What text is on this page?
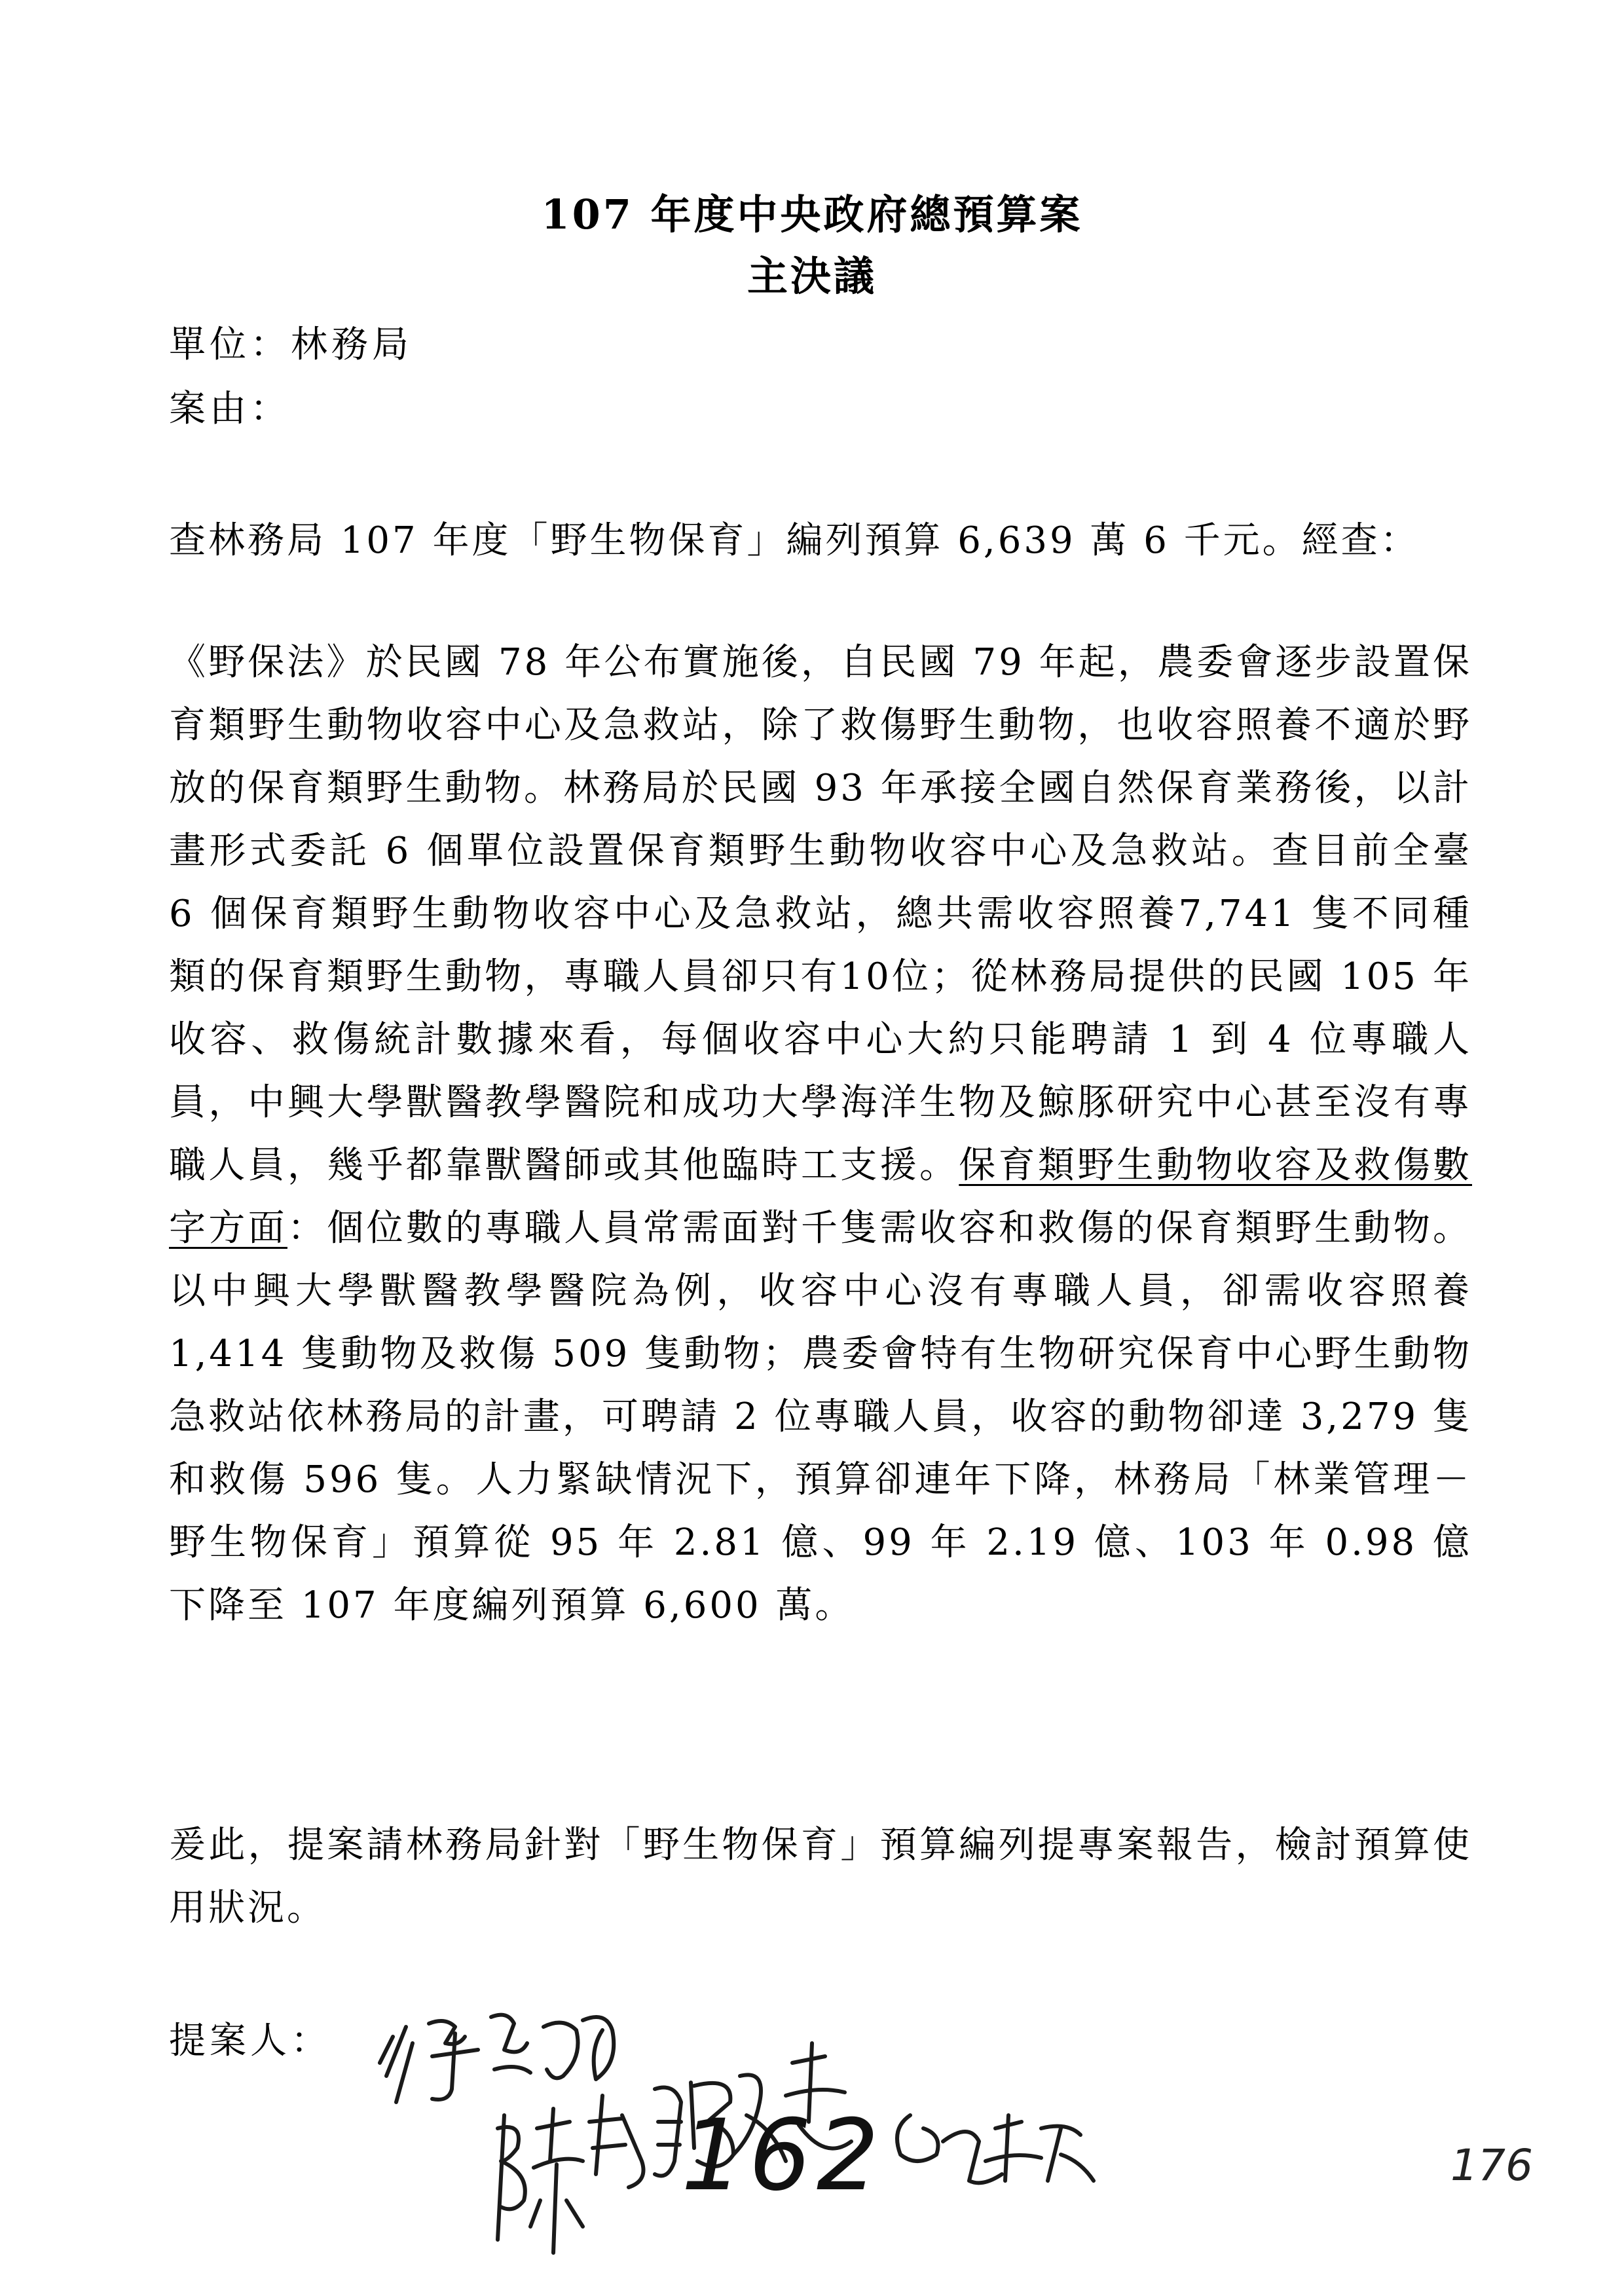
107 年度中央政府總預算案
主決議
單位：林務局
案由：
查林務局 107 年度「野生物保育」編列預算 6,639 萬 6 千元。經查：
《野保法》於民國 78 年公布實施後，自民國 79 年起，農委會逐步設置保育類野生動物收容中心及急救站，除了救傷野生動物，也收容照養不適於野放的保育類野生動物。林務局於民國 93 年承接全國自然保育業務後，以計畫形式委託 6 個單位設置保育類野生動物收容中心及急救站。查目前全臺 6 個保育類野生動物收容中心及急救站，總共需收容照養7,741 隻不同種類的保育類野生動物，專職人員卻只有10位；從林務局提供的民國 105 年收容、救傷統計數據來看，每個收容中心大約只能聘請 1 到 4 位專職人員，中興大學獸醫教學醫院和成功大學海洋生物及鯨豚研究中心甚至沒有專職人員，幾乎都靠獸醫師或其他臨時工支援。保育類野生動物收容及救傷數字方面：個位數的專職人員常需面對千隻需收容和救傷的保育類野生動物。以中興大學獸醫教學醫院為例，收容中心沒有專職人員，卻需收容照養 1,414 隻動物及救傷 509 隻動物；農委會特有生物研究保育中心野生動物急救站依林務局的計畫，可聘請 2 位專職人員，收容的動物卻達 3,279 隻和救傷 596 隻。人力緊缺情況下，預算卻連年下降，林務局「林業管理－野生物保育」預算從 95 年 2.81 億、99 年 2.19 億、103 年 0.98 億下降至 107 年度編列預算 6,600 萬。
爰此，提案請林務局針對「野生物保育」預算編列提專案報告，檢討預算使用狀況。
提案人：
162	176
